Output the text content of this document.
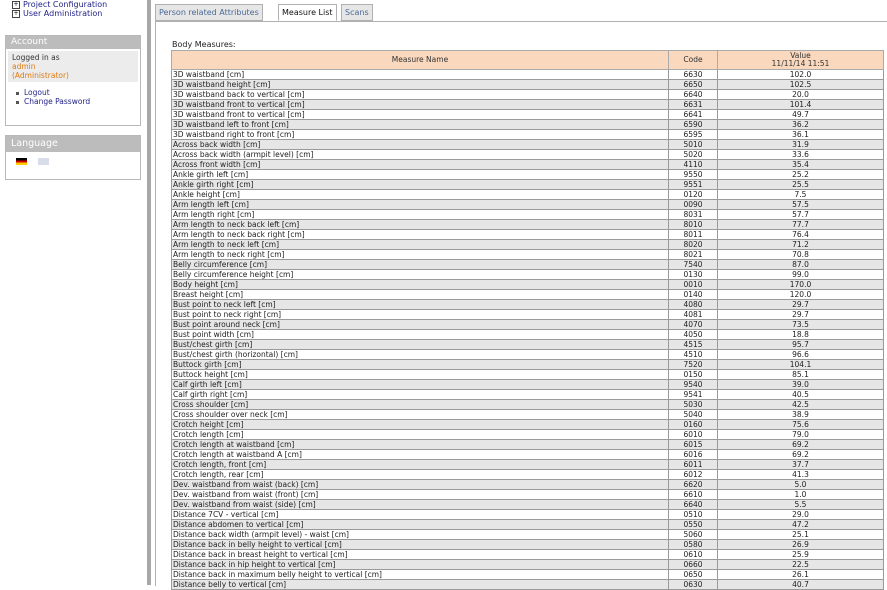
+ Project Configuration
+ User Administration
Account
Logged in as
admin
(Administrator)
Logout
Change Password
Language

Person related Attributes	Measure List	Scans
Body Measures:
Measure Name	Code	Value
11/11/14 11:51

3D waistband [cm]	6630	102.0
3D waistband height [cm]	6650	102.5
3D waistband back to vertical [cm]	6640	20.0
3D waistband front to vertical [cm]	6631	101.4
3D waistband front to vertical [cm]	6641	49.7
3D waistband left to front [cm]	6590	36.2
3D waistband right to front [cm]	6595	36.1
Across back width [cm]	5010	31.9
Across back width (armpit level) [cm]	5020	33.6
Across front width [cm]	4110	35.4
Ankle girth left [cm]	9550	25.2
Ankle girth right [cm]	9551	25.5
Ankle height [cm]	0120	7.5
Arm length left [cm]	0090	57.5
Arm length right [cm]	8031	57.7
Arm length to neck back left [cm]	8010	77.7
Arm length to neck back right [cm]	8011	76.4
Arm length to neck left [cm]	8020	71.2
Arm length to neck right [cm]	8021	70.8
Belly circumference [cm]	7540	87.0
Belly circumference height [cm]	0130	99.0
Body height [cm]	0010	170.0
Breast height [cm]	0140	120.0
Bust point to neck left [cm]	4080	29.7
Bust point to neck right [cm]	4081	29.7
Bust point around neck [cm]	4070	73.5
Bust point width [cm]	4050	18.8
Bust/chest girth [cm]	4515	95.7
Bust/chest girth (horizontal) [cm]	4510	96.6
Buttock girth [cm]	7520	104.1
Buttock height [cm]	0150	85.1
Calf girth left [cm]	9540	39.0
Calf girth right [cm]	9541	40.5
Cross shoulder [cm]	5030	42.5
Cross shoulder over neck [cm]	5040	38.9
Crotch height [cm]	0160	75.6
Crotch length [cm]	6010	79.0
Crotch length at waistband [cm]	6015	69.2
Crotch length at waistband A [cm]	6016	69.2
Crotch length, front [cm]	6011	37.7
Crotch length, rear [cm]	6012	41.3
Dev. waistband from waist (back) [cm]	6620	5.0
Dev. waistband from waist (front) [cm]	6610	1.0
Dev. waistband from waist (side) [cm]	6640	5.5
Distance 7CV - vertical [cm]	0510	29.0
Distance abdomen to vertical [cm]	0550	47.2
Distance back width (armpit level) - waist [cm]	5060	25.1
Distance back in belly height to vertical [cm]	0580	26.9
Distance back in breast height to vertical [cm]	0610	25.9
Distance back in hip height to vertical [cm]	0660	22.5
Distance back in maximum belly height to vertical [cm]	0650	26.1
Distance belly to vertical [cm]	0630	40.7
